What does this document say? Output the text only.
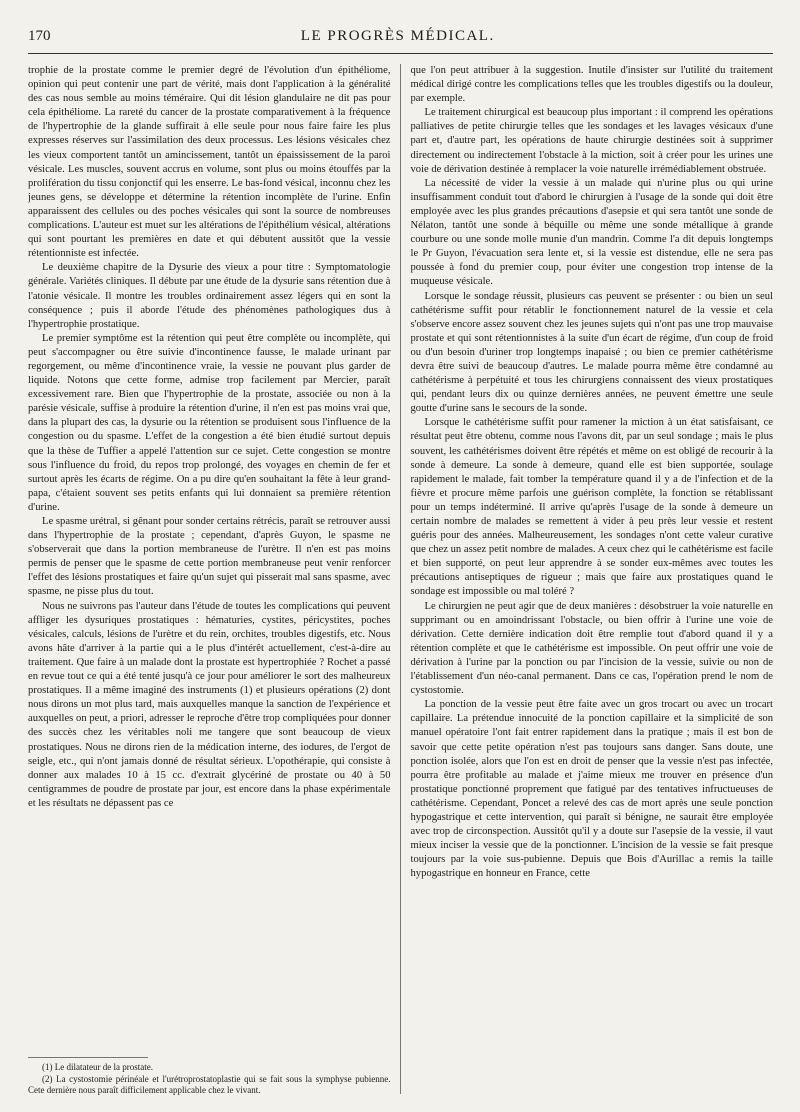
170	LE PROGRÈS MÉDICAL.

trophie de la prostate comme le premier degré de l'évolution d'un épithéliome, opinion qui peut contenir une part de vérité, mais dont l'application à la généralité des cas nous semble au moins téméraire. Qui dit lésion glandulaire ne dit pas pour cela épithéliome. La rareté du cancer de la prostate comparativement à la fréquence de l'hypertrophie de la glande suffirait à elle seule pour nous faire faire les plus expresses réserves sur l'assimilation des deux processus. Les lésions vésicales chez les vieux comportent tantôt un amincissement, tantôt un épaississement de la paroi vésicale. Les muscles, souvent accrus en volume, sont plus ou moins étouffés par la prolifération du tissu conjonctif qui les enserre. Le bas-fond vésical, inconnu chez les jeunes gens, se développe et détermine la rétention incomplète de l'urine. Enfin apparaissent des cellules ou des poches vésicales qui sont la source de nombreuses complications. L'auteur est muet sur les altérations de l'épithélium vésical, altérations qui sont pourtant les premières en date et qui débutent aussitôt que la vessie rétentionniste est infectée.

Le deuxième chapitre de la Dysurie des vieux a pour titre : Symptomatologie générale. Variétés cliniques. Il débute par une étude de la dysurie sans rétention due à l'atonie vésicale. Il montre les troubles ordinairement assez légers qui en sont la conséquence ; puis il aborde l'étude des phénomènes pathologiques dus à l'hypertrophie prostatique.

Le premier symptôme est la rétention qui peut être complète ou incomplète, qui peut s'accompagner ou être suivie d'incontinence fausse, le malade urinant par regorgement, ou même d'incontinence vraie, la vessie ne pouvant plus garder de liquide. Notons que cette forme, admise trop facilement par Mercier, paraît excessivement rare. Bien que l'hypertrophie de la prostate, associée ou non à la parésie vésicale, suffise à produire la rétention d'urine, il n'en est pas moins vrai que, dans la plupart des cas, la dysurie ou la rétention se produisent sous l'influence de la congestion ou du spasme. L'effet de la congestion a été bien étudié surtout depuis que la thèse de Tuffier a appelé l'attention sur ce sujet. Cette congestion se montre sous l'influence du froid, du repos trop prolongé, des voyages en chemin de fer et surtout après les écarts de régime. On a pu dire qu'en souhaitant la fête à leur grand-papa, c'étaient souvent ses petits enfants qui lui donnaient sa première rétention d'urine.

Le spasme urétral, si gênant pour sonder certains rétrécis, paraît se retrouver aussi dans l'hypertrophie de la prostate ; cependant, d'après Guyon, le spasme ne s'observerait que dans la portion membraneuse de l'urètre. Il n'en est pas moins permis de penser que le spasme de cette portion membraneuse peut venir renforcer l'effet des lésions prostatiques et faire qu'un sujet qui pisserait mal sans spasme, avec spasme, ne pisse plus du tout.

Nous ne suivrons pas l'auteur dans l'étude de toutes les complications qui peuvent affliger les dysuriques prostatiques : hématuries, cystites, péricystites, poches vésicales, calculs, lésions de l'urètre et du rein, orchites, troubles digestifs, etc. Nous avons hâte d'arriver à la partie qui a le plus d'intérêt actuellement, c'est-à-dire au traitement. Que faire à un malade dont la prostate est hypertrophiée ? Rochet a passé en revue tout ce qui a été tenté jusqu'à ce jour pour améliorer le sort des malheureux prostatiques. Il a même imaginé des instruments (1) et plusieurs opérations (2) dont nous dirons un mot plus tard, mais auxquelles manque la sanction de l'expérience et auxquelles on peut, a priori, adresser le reproche d'être trop compliquées pour donner des succès chez les véritables noli me tangere que sont beaucoup de vieux prostatiques. Nous ne dirons rien de la médication interne, des iodures, de l'ergot de seigle, etc., qui n'ont jamais donné de résultat sérieux. L'opothérapie, qui consiste à donner aux malades 10 à 15 cc. d'extrait glycériné de prostate ou 40 à 50 centigrammes de poudre de prostate par jour, est encore dans la phase expérimentale et les résultats ne dépassent pas ce

(1) Le dilatateur de la prostate.

(2) La cystostomie périnéale et l'urétroprostatoplastie qui se fait sous la symphyse pubienne. Cete dernière nous paraît difficilement applicable chez le vivant.

que l'on peut attribuer à la suggestion. Inutile d'insister sur l'utilité du traitement médical dirigé contre les complications telles que les troubles digestifs ou la douleur, par exemple.

Le traitement chirurgical est beaucoup plus important : il comprend les opérations palliatives de petite chirurgie telles que les sondages et les lavages vésicaux d'une part et, d'autre part, les opérations de haute chirurgie destinées soit à supprimer directement ou indirectement l'obstacle à la miction, soit à créer pour les urines une voie de dérivation destinée à remplacer la voie naturelle irrémédiablement obstruée.

La nécessité de vider la vessie à un malade qui n'urine plus ou qui urine insuffisamment conduit tout d'abord le chirurgien à l'usage de la sonde qui doit être employée avec les plus grandes précautions d'asepsie et qui sera tantôt une sonde de Nélaton, tantôt une sonde à béquille ou même une sonde métallique à grande courbure ou une sonde molle munie d'un mandrin. Comme l'a dit depuis longtemps le Pr Guyon, l'évacuation sera lente et, si la vessie est distendue, elle ne sera pas poussée à fond du premier coup, pour éviter une congestion trop intense de la muqueuse vésicale.

Lorsque le sondage réussit, plusieurs cas peuvent se présenter : ou bien un seul cathétérisme suffit pour rétablir le fonctionnement naturel de la vessie et cela s'observe encore assez souvent chez les jeunes sujets qui n'ont pas une trop mauvaise prostate et qui sont rétentionnistes à la suite d'un écart de régime, d'un coup de froid ou d'un besoin d'uriner trop longtemps inapaisé ; ou bien ce premier cathétérisme devra être suivi de beaucoup d'autres. Le malade pourra même être condamné au cathétérisme à perpétuité et tous les chirurgiens connaissent des vieux prostatiques qui, pendant leurs dix ou quinze dernières années, ne peuvent émettre une seule goutte d'urine sans le secours de la sonde.

Lorsque le cathétérisme suffit pour ramener la miction à un état satisfaisant, ce résultat peut être obtenu, comme nous l'avons dit, par un seul sondage ; mais le plus souvent, les cathétérismes doivent être répétés et même on est obligé de recourir à la sonde à demeure. La sonde à demeure, quand elle est bien supportée, soulage rapidement le malade, fait tomber la température quand il y a de l'infection et de la fièvre et procure même parfois une guérison complète, la fonction se rétablissant pour un temps indéterminé. Il arrive qu'après l'usage de la sonde à demeure un certain nombre de malades se remettent à vider à peu près leur vessie et restent guéris pour des années. Malheureusement, les sondages n'ont cette valeur curative que chez un assez petit nombre de malades. A ceux chez qui le cathétérisme est facile et bien supporté, on peut leur apprendre à se sonder eux-mêmes avec toutes les précautions antiseptiques de rigueur ; mais que faire aux prostatiques quand le sondage est impossible ou mal toléré ?

Le chirurgien ne peut agir que de deux manières : désobstruer la voie naturelle en supprimant ou en amoindrissant l'obstacle, ou bien offrir à l'urine une voie de dérivation. Cette dernière indication doit être remplie tout d'abord quand il y a rétention complète et que le cathétérisme est impossible. On peut offrir une voie de dérivation à l'urine par la ponction ou par l'incision de la vessie, suivie ou non de l'établissement d'un néo-canal permanent. Dans ce cas, l'opération prend le nom de cystostomie.

La ponction de la vessie peut être faite avec un gros trocart ou avec un trocart capillaire. La prétendue innocuité de la ponction capillaire et la simplicité de son manuel opératoire l'ont fait entrer rapidement dans la pratique ; mais il est bon de savoir que cette petite opération n'est pas toujours sans danger. Sans doute, une ponction isolée, alors que l'on est en droit de penser que la vessie n'est pas infectée, pourra être profitable au malade et j'aime mieux me trouver en présence d'un prostatique ponctionné proprement que fatigué par des tentatives infructueuses de cathétérisme. Cependant, Poncet a relevé des cas de mort après une seule ponction hypogastrique et cette intervention, qui paraît si bénigne, ne saurait être employée avec trop de circonspection. Aussitôt qu'il y a doute sur l'asepsie de la vessie, il vaut mieux inciser la vessie que de la ponctionner. L'incision de la vessie se fait presque toujours par la voie sus-pubienne. Depuis que Bois d'Aurillac a remis la taille hypogastrique en honneur en France, cette
